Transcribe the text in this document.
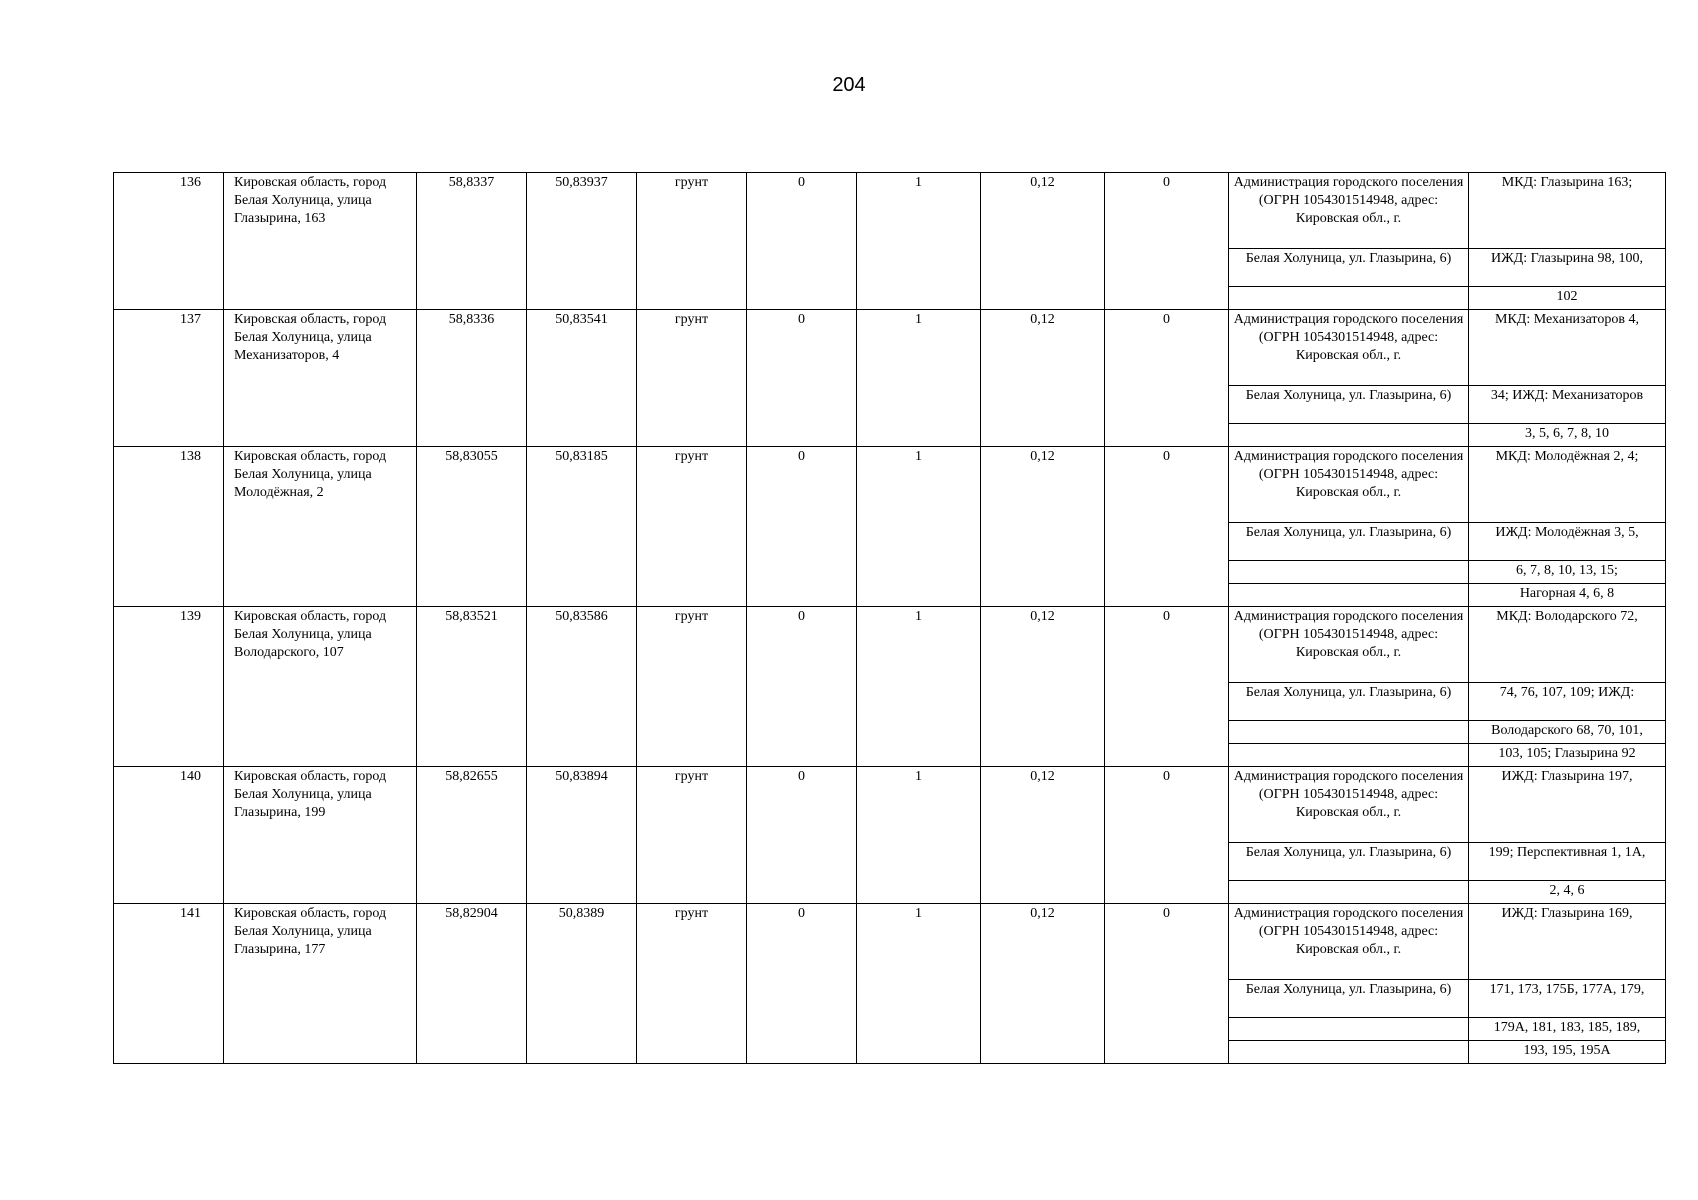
204
136	Кировская область, город Белая Холуница, улица Глазырина, 163	58,8337	50,83937	грунт	0	1	0,12	0	Администрация городского поселения (ОГРН 1054301514948, адрес: Кировская обл., г.	МКД: Глазырина 163;
									Белая Холуница, ул. Глазырина, 6)	ИЖД: Глазырина 98, 100,
										102
137	Кировская область, город Белая Холуница, улица Механизаторов, 4	58,8336	50,83541	грунт	0	1	0,12	0	Администрация городского поселения (ОГРН 1054301514948, адрес: Кировская обл., г.	МКД: Механизаторов 4,
									Белая Холуница, ул. Глазырина, 6)	34; ИЖД: Механизаторов
										3, 5, 6, 7, 8, 10
138	Кировская область, город Белая Холуница, улица Молодёжная, 2	58,83055	50,83185	грунт	0	1	0,12	0	Администрация городского поселения (ОГРН 1054301514948, адрес: Кировская обл., г.	МКД: Молодёжная 2, 4;
									Белая Холуница, ул. Глазырина, 6)	ИЖД: Молодёжная 3, 5,
										6, 7, 8, 10, 13, 15;
										Нагорная 4, 6, 8
139	Кировская область, город Белая Холуница, улица Володарского, 107	58,83521	50,83586	грунт	0	1	0,12	0	Администрация городского поселения (ОГРН 1054301514948, адрес: Кировская обл., г.	МКД: Володарского 72,
									Белая Холуница, ул. Глазырина, 6)	74, 76, 107, 109; ИЖД:
										Володарского 68, 70, 101,
										103, 105; Глазырина 92
140	Кировская область, город Белая Холуница, улица Глазырина, 199	58,82655	50,83894	грунт	0	1	0,12	0	Администрация городского поселения (ОГРН 1054301514948, адрес: Кировская обл., г.	ИЖД: Глазырина 197,
									Белая Холуница, ул. Глазырина, 6)	199; Перспективная 1, 1А,
										2, 4, 6
141	Кировская область, город Белая Холуница, улица Глазырина, 177	58,82904	50,8389	грунт	0	1	0,12	0	Администрация городского поселения (ОГРН 1054301514948, адрес: Кировская обл., г.	ИЖД: Глазырина 169,
									Белая Холуница, ул. Глазырина, 6)	171, 173, 175Б, 177А, 179,
										179А, 181, 183, 185, 189,
										193, 195, 195А
